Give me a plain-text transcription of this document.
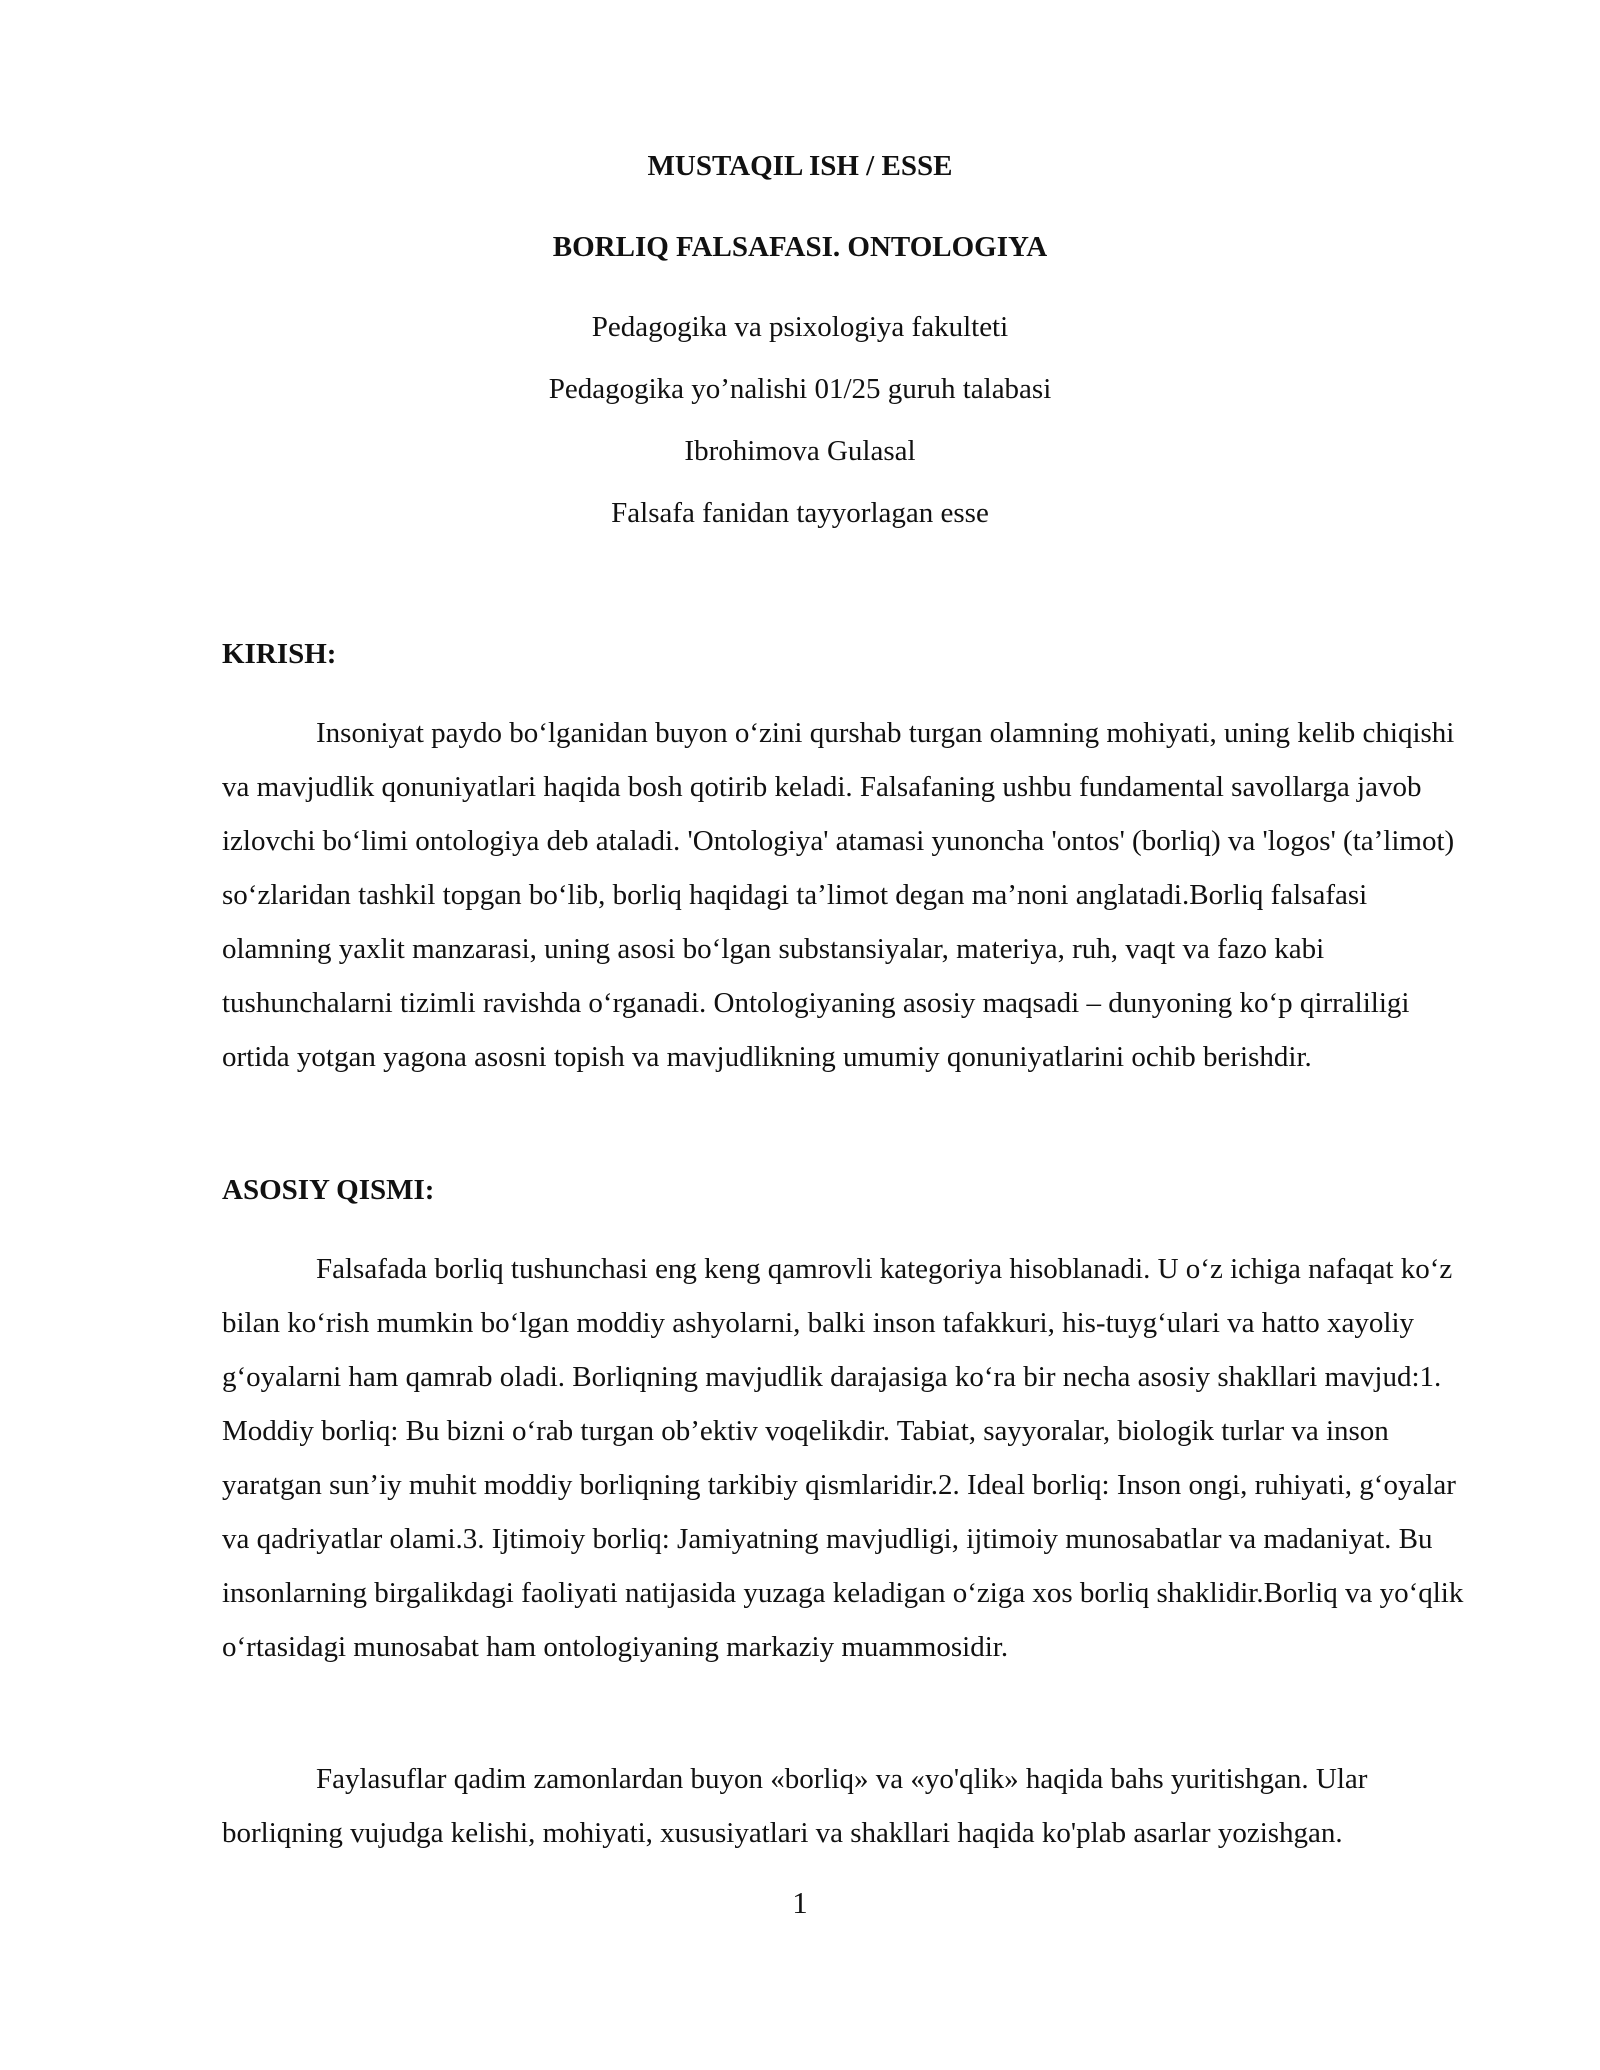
MUSTAQIL ISH / ESSE
BORLIQ FALSAFASI. ONTOLOGIYA
Pedagogika va psixologiya fakulteti
Pedagogika yo’nalishi 01/25 guruh talabasi
Ibrohimova Gulasal
Falsafa fanidan tayyorlagan esse
KIRISH:

Insoniyat paydo boʻlganidan buyon oʻzini qurshab turgan olamning mohiyati, uning kelib chiqishi va mavjudlik qonuniyatlari haqida bosh qotirib keladi. Falsafaning ushbu fundamental savollarga javob izlovchi boʻlimi ontologiya deb ataladi. 'Ontologiya' atamasi yunoncha 'ontos' (borliq) va 'logos' (ta’limot) soʻzlaridan tashkil topgan boʻlib, borliq haqidagi ta’limot degan ma’noni anglatadi.Borliq falsafasi olamning yaxlit manzarasi, uning asosi boʻlgan substansiyalar, materiya, ruh, vaqt va fazo kabi tushunchalarni tizimli ravishda oʻrganadi. Ontologiyaning asosiy maqsadi – dunyoning koʻp qirraliligi ortida yotgan yagona asosni topish va mavjudlikning umumiy qonuniyatlarini ochib berishdir.

ASOSIY QISMI:

Falsafada borliq tushunchasi eng keng qamrovli kategoriya hisoblanadi. U oʻz ichiga nafaqat koʻz bilan koʻrish mumkin boʻlgan moddiy ashyolarni, balki inson tafakkuri, his-tuygʻulari va hatto xayoliy gʻoyalarni ham qamrab oladi. Borliqning mavjudlik darajasiga koʻra bir necha asosiy shakllari mavjud:1. Moddiy borliq: Bu bizni oʻrab turgan ob’ektiv voqelikdir. Tabiat, sayyoralar, biologik turlar va inson yaratgan sun’iy muhit moddiy borliqning tarkibiy qismlaridir.2. Ideal borliq: Inson ongi, ruhiyati, gʻoyalar va qadriyatlar olami.3. Ijtimoiy borliq: Jamiyatning mavjudligi, ijtimoiy munosabatlar va madaniyat. Bu insonlarning birgalikdagi faoliyati natijasida yuzaga keladigan oʻziga xos borliq shaklidir.Borliq va yoʻqlik oʻrtasidagi munosabat ham ontologiyaning markaziy muammosidir.

Faylasuflar qadim zamonlardan buyon «borliq» va «yo'qlik» haqida bahs yuritishgan. Ular borliqning vujudga kelishi, mohiyati, xususiyatlari va shakllari haqida ko'plab asarlar yozishgan.

1
